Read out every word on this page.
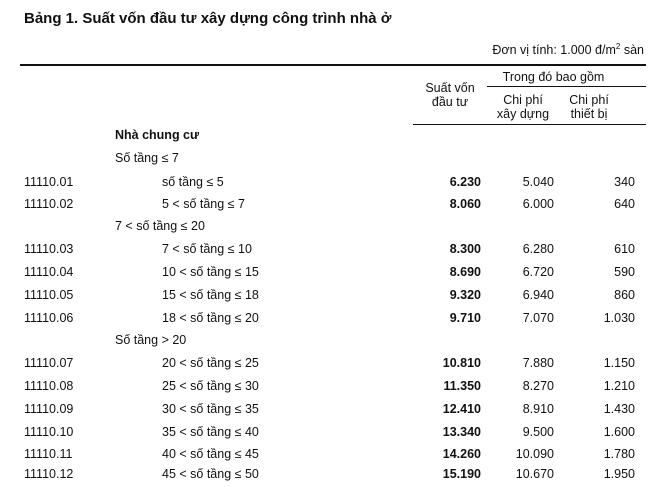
Bảng 1. Suất vốn đầu tư xây dựng công trình nhà ở
Đơn vị tính: 1.000 $đ/m^2$ sàn
Suất vốn
đầu tư
Trong đó bao gồm
Chi phí
xây dựng
Chi phí
thiết bị
Nhà chung cư
Số tầng ≤ 7
7 < số tầng ≤ 20
Số tầng > 20
11110.01	số tầng ≤ 5	6.230	5.040	340
11110.02	5 < số tầng ≤ 7	8.060	6.000	640
11110.03	7 < số tầng ≤ 10	8.300	6.280	610
11110.04	10 < số tầng ≤ 15	8.690	6.720	590
11110.05	15 < số tầng ≤ 18	9.320	6.940	860
11110.06	18 < số tầng ≤ 20	9.710	7.070	1.030
11110.07	20 < số tầng ≤ 25	10.810	7.880	1.150
11110.08	25 < số tầng ≤ 30	11.350	8.270	1.210
11110.09	30 < số tầng ≤ 35	12.410	8.910	1.430
11110.10	35 < số tầng ≤ 40	13.340	9.500	1.600
11110.11	40 < số tầng ≤ 45	14.260	10.090	1.780
11110.12	45 < số tầng ≤ 50	15.190	10.670	1.950
